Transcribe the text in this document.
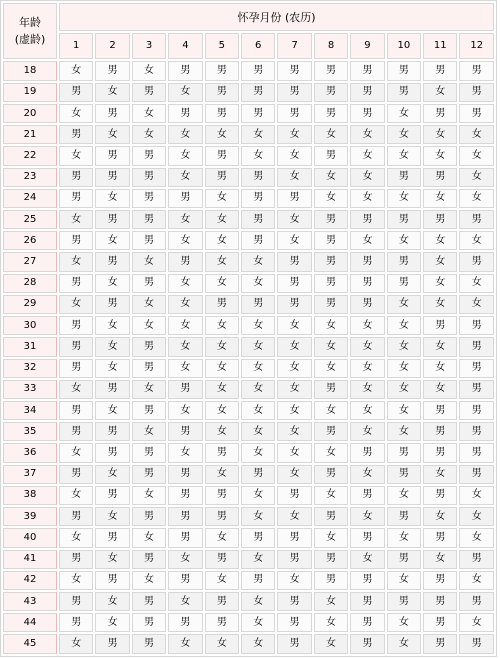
年龄
(虚龄)	怀孕月份 (农历)											
	1	2	3	4	5	6	7	8	9	10	11	12
18	女	男	女	男	男	男	男	男	男	男	男	男
19	男	女	男	女	男	男	男	男	男	男	女	男
20	女	男	女	男	男	男	男	男	男	女	男	男
21	男	女	女	女	女	女	女	女	女	女	女	女
22	女	男	男	女	男	女	女	男	女	女	女	女
23	男	男	男	女	男	男	女	女	女	男	男	女
24	男	女	男	男	女	男	男	女	女	女	女	女
25	女	男	男	女	女	男	女	男	男	男	男	男
26	男	女	男	女	女	男	女	男	女	女	女	女
27	女	男	女	男	女	女	男	男	男	男	女	男
28	男	女	男	女	女	女	男	男	男	男	女	女
29	女	男	女	女	男	男	男	男	男	女	女	女
30	男	女	女	女	女	女	女	女	女	女	男	男
31	男	女	男	女	女	女	女	女	女	女	女	男
32	男	女	男	女	女	女	女	女	女	女	女	男
33	女	男	女	男	女	女	女	男	女	女	女	男
34	男	女	男	女	女	女	女	女	女	女	男	男
35	男	男	女	男	女	女	女	男	女	女	男	男
36	女	男	男	女	男	女	女	女	男	男	男	男
37	男	女	男	男	女	男	女	男	女	男	女	男
38	女	男	女	男	男	女	男	女	男	女	男	女
39	男	女	男	男	男	女	女	男	女	男	女	女
40	女	男	女	男	女	男	男	女	男	女	男	女
41	男	女	男	女	男	女	男	男	女	男	女	男
42	女	男	女	男	女	男	女	男	男	女	男	女
43	男	女	男	女	男	女	男	女	男	男	男	男
44	男	女	男	男	男	女	男	女	男	女	男	女
45	女	男	男	女	女	女	男	女	男	女	男	男
